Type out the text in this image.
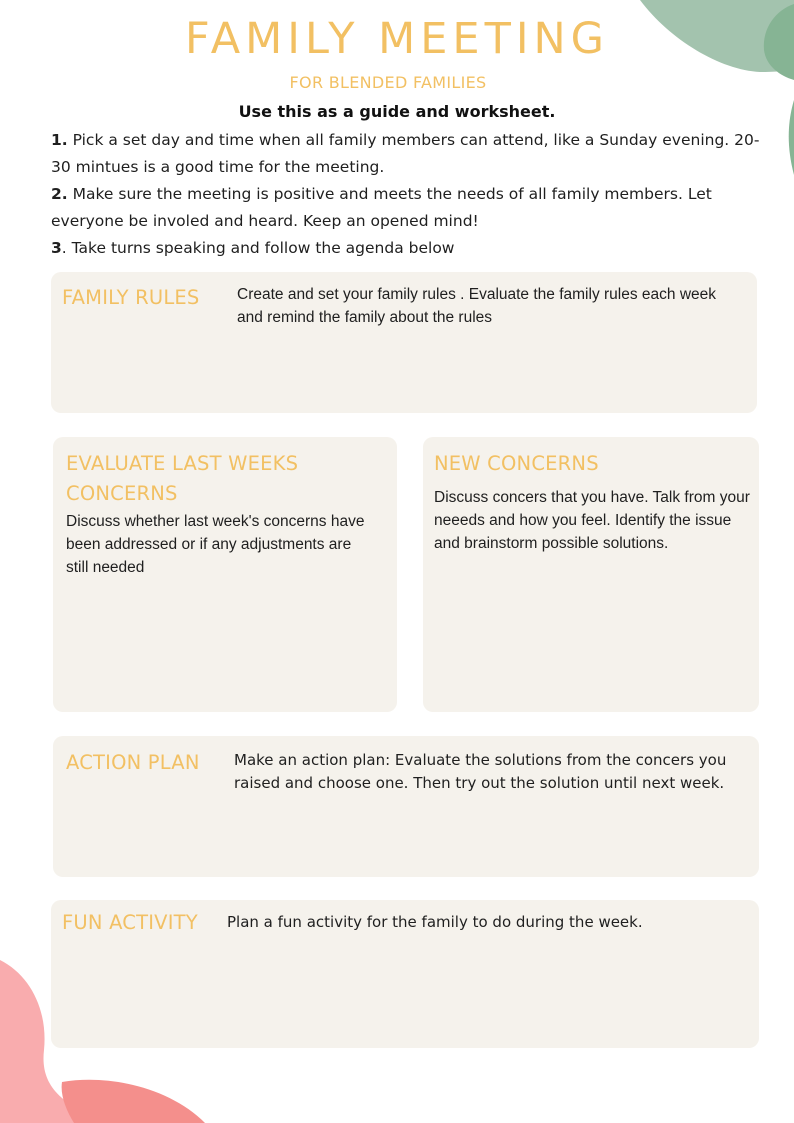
FAMILY MEETING
FOR BLENDED FAMILIES
Use this as a guide and worksheet.

1. Pick a set day and time when all family members can attend, like a Sunday evening. 20-30 mintues is a good time for the meeting.

2. Make sure the meeting is positive and meets the needs of all family members. Let everyone be involed and heard. Keep an opened mind!

3. Take turns speaking and follow the agenda below

FAMILY RULES Create and set your family rules . Evaluate the family rules each week and remind the family about the rules
EVALUATE LAST WEEKS CONCERNS
Discuss whether last week's concerns have been addressed or if any adjustments are still needed
NEW CONCERNS
Discuss concers that you have. Talk from your neeeds and how you feel. Identify the issue and brainstorm possible solutions.
ACTION PLAN Make an action plan: Evaluate the solutions from the concers you raised and choose one. Then try out the solution until next week.
FUN ACTIVITY Plan a fun activity for the family to do during the week.
